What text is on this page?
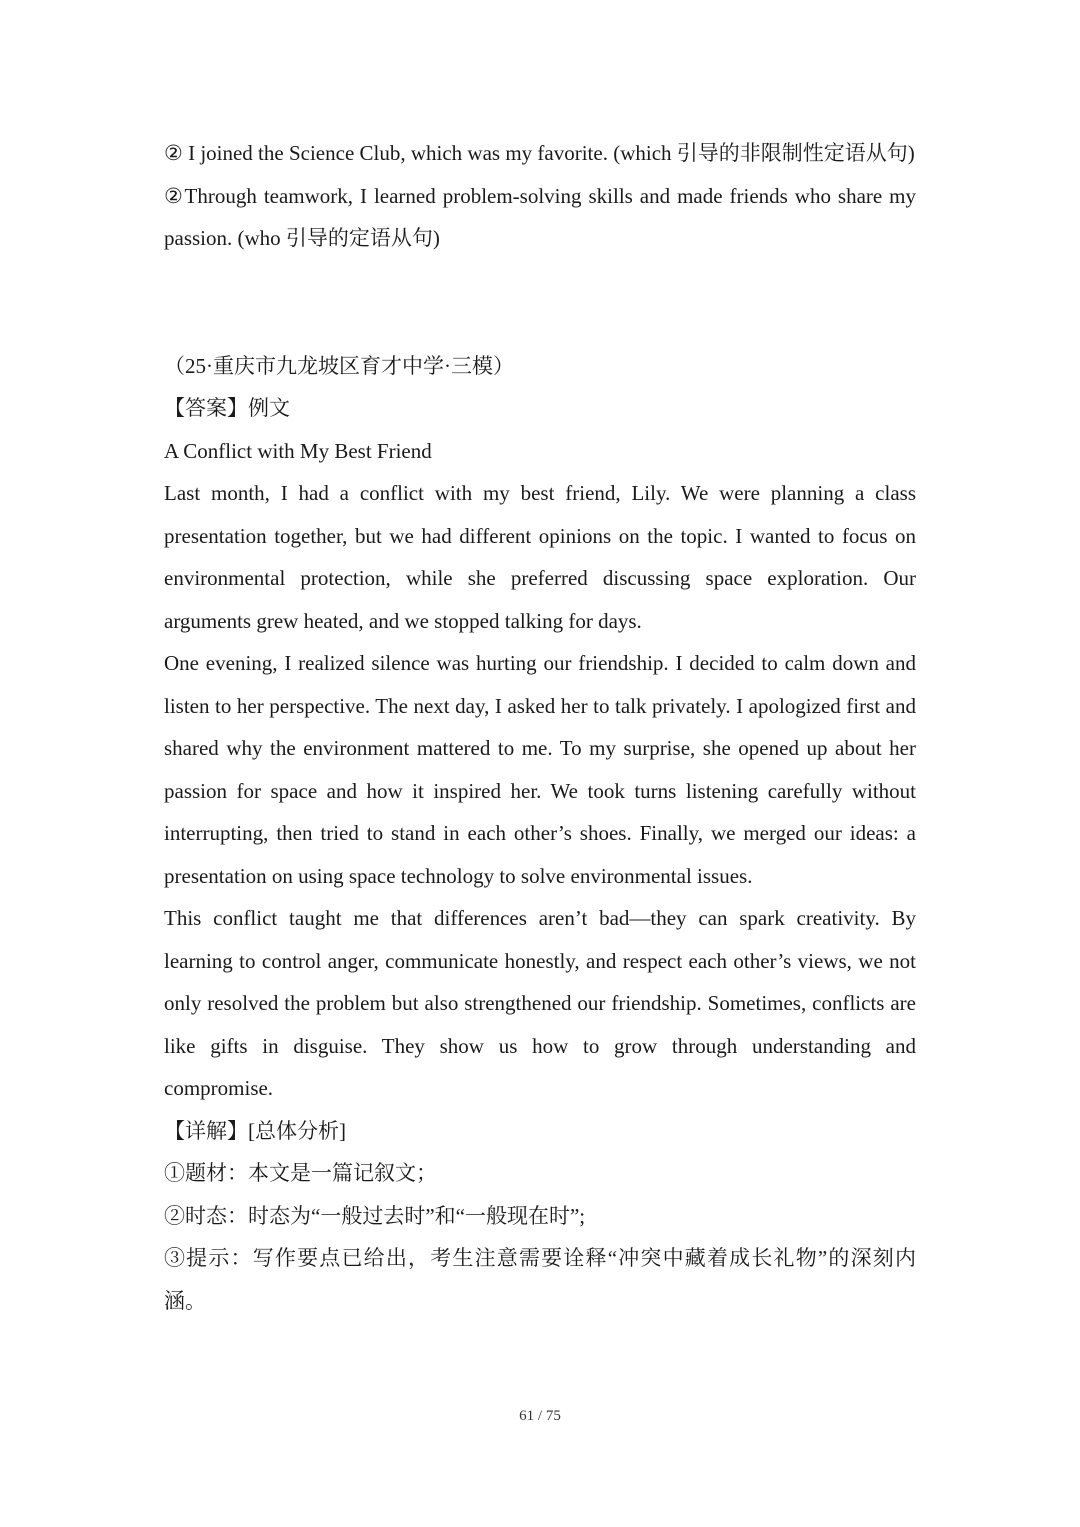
② I joined the Science Club, which was my favorite. (which 引导的非限制性定语从句)

②Through teamwork, I learned problem-solving skills and made friends who share my passion. (who 引导的定语从句)

（25·重庆市九龙坡区育才中学·三模）

【答案】例文

A Conflict with My Best Friend

Last month, I had a conflict with my best friend, Lily. We were planning a class presentation together, but we had different opinions on the topic. I wanted to focus on environmental protection, while she preferred discussing space exploration. Our arguments grew heated, and we stopped talking for days.

One evening, I realized silence was hurting our friendship. I decided to calm down and listen to her perspective. The next day, I asked her to talk privately. I apologized first and shared why the environment mattered to me. To my surprise, she opened up about her passion for space and how it inspired her. We took turns listening carefully without interrupting, then tried to stand in each other’s shoes. Finally, we merged our ideas: a presentation on using space technology to solve environmental issues.

This conflict taught me that differences aren’t bad—they can spark creativity. By learning to control anger, communicate honestly, and respect each other’s views, we not only resolved the problem but also strengthened our friendship. Sometimes, conflicts are like gifts in disguise. They show us how to grow through understanding and compromise.

【详解】[总体分析]

①题材：本文是一篇记叙文；

②时态：时态为“一般过去时”和“一般现在时”;

③提示：写作要点已给出，考生注意需要诠释“冲突中藏着成长礼物”的深刻内涵。

61 / 75
